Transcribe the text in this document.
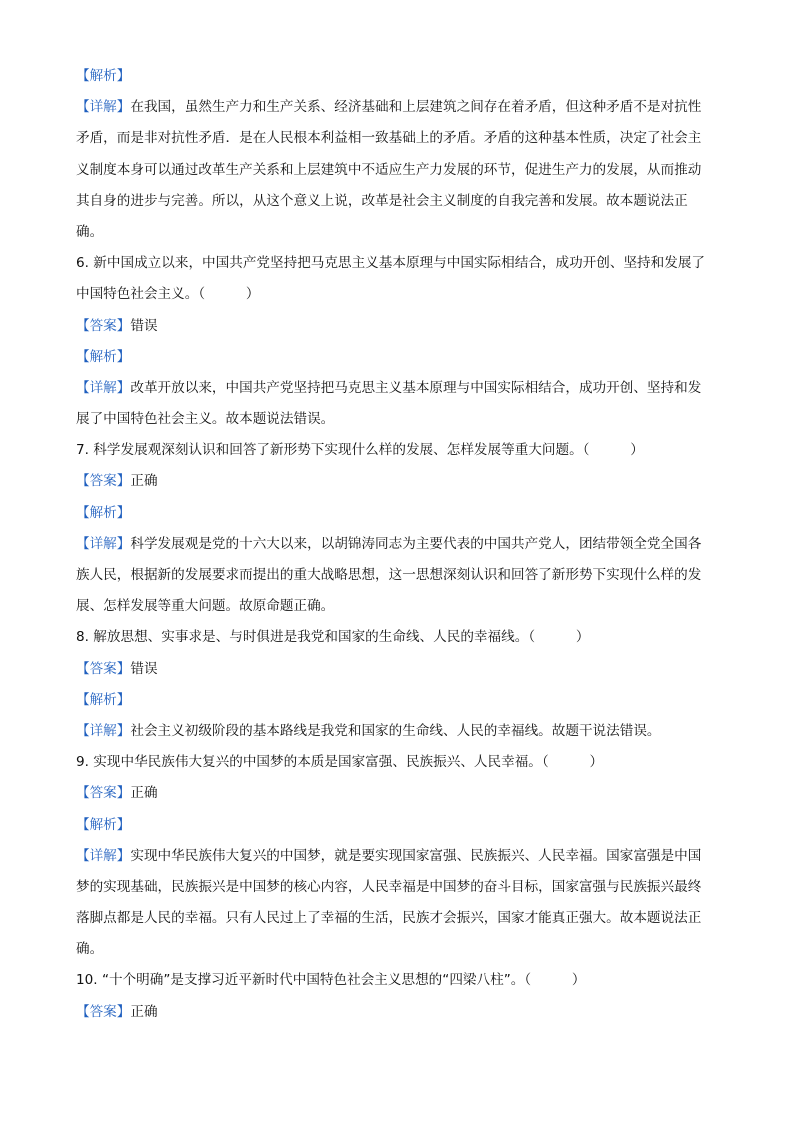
【解析】
【详解】在我国，虽然生产力和生产关系、经济基础和上层建筑之间存在着矛盾，但这种矛盾不是对抗性
矛盾，而是非对抗性矛盾．是在人民根本利益相一致基础上的矛盾。矛盾的这种基本性质，决定了社会主
义制度本身可以通过改革生产关系和上层建筑中不适应生产力发展的环节，促进生产力的发展，从而推动
其自身的进步与完善。所以，从这个意义上说，改革是社会主义制度的自我完善和发展。故本题说法正
确。
6. 新中国成立以来，中国共产党坚持把马克思主义基本原理与中国实际相结合，成功开创、坚持和发展了
中国特色社会主义。（　　　）
【答案】错误
【解析】
【详解】改革开放以来，中国共产党坚持把马克思主义基本原理与中国实际相结合，成功开创、坚持和发
展了中国特色社会主义。故本题说法错误。
7. 科学发展观深刻认识和回答了新形势下实现什么样的发展、怎样发展等重大问题。（　　　）
【答案】正确
【解析】
【详解】科学发展观是党的十六大以来，以胡锦涛同志为主要代表的中国共产党人，团结带领全党全国各
族人民，根据新的发展要求而提出的重大战略思想，这一思想深刻认识和回答了新形势下实现什么样的发
展、怎样发展等重大问题。故原命题正确。
8. 解放思想、实事求是、与时俱进是我党和国家的生命线、人民的幸福线。（　　　）
【答案】错误
【解析】
【详解】社会主义初级阶段的基本路线是我党和国家的生命线、人民的幸福线。故题干说法错误。
9. 实现中华民族伟大复兴的中国梦的本质是国家富强、民族振兴、人民幸福。（　　　）
【答案】正确
【解析】
【详解】实现中华民族伟大复兴的中国梦，就是要实现国家富强、民族振兴、人民幸福。国家富强是中国
梦的实现基础，民族振兴是中国梦的核心内容，人民幸福是中国梦的奋斗目标，国家富强与民族振兴最终
落脚点都是人民的幸福。只有人民过上了幸福的生活，民族才会振兴，国家才能真正强大。故本题说法正
确。
10. “十个明确”是支撑习近平新时代中国特色社会主义思想的“四梁八柱”。（　　　）
【答案】正确
